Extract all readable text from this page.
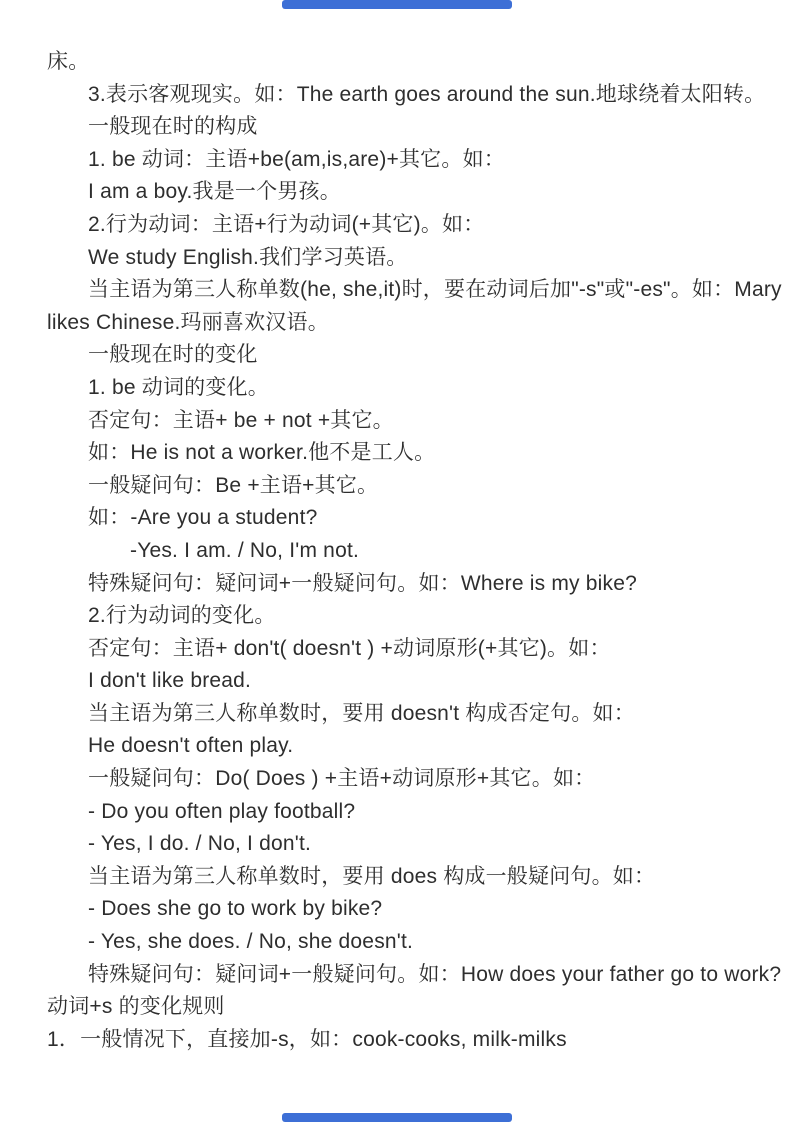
床。
3.表示客观现实。如：The earth goes around the sun.地球绕着太阳转。
一般现在时的构成
1. be 动词：主语+be(am,is,are)+其它。如：
I am a boy.我是一个男孩。
2.行为动词：主语+行为动词(+其它)。如：
We study English.我们学习英语。
当主语为第三人称单数(he, she,it)时，要在动词后加"-s"或"-es"。如：Mary
likes Chinese.玛丽喜欢汉语。
一般现在时的变化
1. be 动词的变化。
否定句：主语+ be + not +其它。
如：He is not a worker.他不是工人。
一般疑问句：Be +主语+其它。
如：-Are you a student?
-Yes. I am. / No, I'm not.
特殊疑问句：疑问词+一般疑问句。如：Where is my bike?
2.行为动词的变化。
否定句：主语+ don't( doesn't ) +动词原形(+其它)。如：
I don't like bread.
当主语为第三人称单数时，要用 doesn't 构成否定句。如：
He doesn't often play.
一般疑问句：Do( Does ) +主语+动词原形+其它。如：
- Do you often play football?
- Yes, I do. / No, I don't.
当主语为第三人称单数时，要用 does 构成一般疑问句。如：
- Does she go to work by bike?
- Yes, she does. / No, she doesn't.
特殊疑问句：疑问词+一般疑问句。如：How does your father go to work?
动词+s 的变化规则
1．一般情况下，直接加-s，如：cook-cooks, milk-milks
